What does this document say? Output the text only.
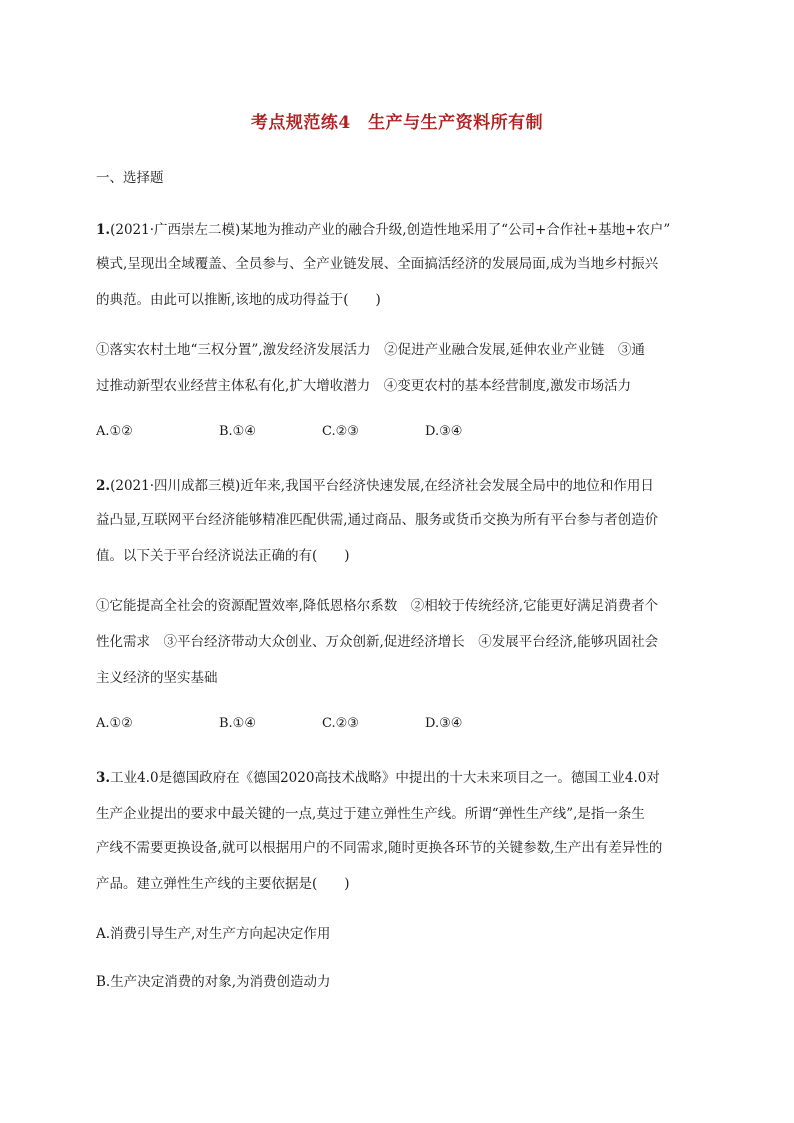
考点规范练4　生产与生产资料所有制
一、选择题
1.(2021·广西崇左二模)某地为推动产业的融合升级,创造性地采用了“公司+合作社+基地+农户”
模式,呈现出全域覆盖、全员参与、全产业链发展、全面搞活经济的发展局面,成为当地乡村振兴
的典范。由此可以推断,该地的成功得益于(　　)
①落实农村土地“三权分置”,激发经济发展活力　②促进产业融合发展,延伸农业产业链　③通
过推动新型农业经营主体私有化,扩大增收潜力　④变更农村的基本经营制度,激发市场活力
A.①②	B.①④	C.②③	D.③④
2.(2021·四川成都三模)近年来,我国平台经济快速发展,在经济社会发展全局中的地位和作用日
益凸显,互联网平台经济能够精准匹配供需,通过商品、服务或货币交换为所有平台参与者创造价
值。以下关于平台经济说法正确的有(　　)
①它能提高全社会的资源配置效率,降低恩格尔系数　②相较于传统经济,它能更好满足消费者个
性化需求　③平台经济带动大众创业、万众创新,促进经济增长　④发展平台经济,能够巩固社会
主义经济的坚实基础
A.①②	B.①④	C.②③	D.③④
3.工业4.0是德国政府在《德国2020高技术战略》中提出的十大未来项目之一。德国工业4.0对
生产企业提出的要求中最关键的一点,莫过于建立弹性生产线。所谓“弹性生产线”,是指一条生
产线不需要更换设备,就可以根据用户的不同需求,随时更换各环节的关键参数,生产出有差异性的
产品。建立弹性生产线的主要依据是(　　)
A.消费引导生产,对生产方向起决定作用
B.生产决定消费的对象,为消费创造动力
